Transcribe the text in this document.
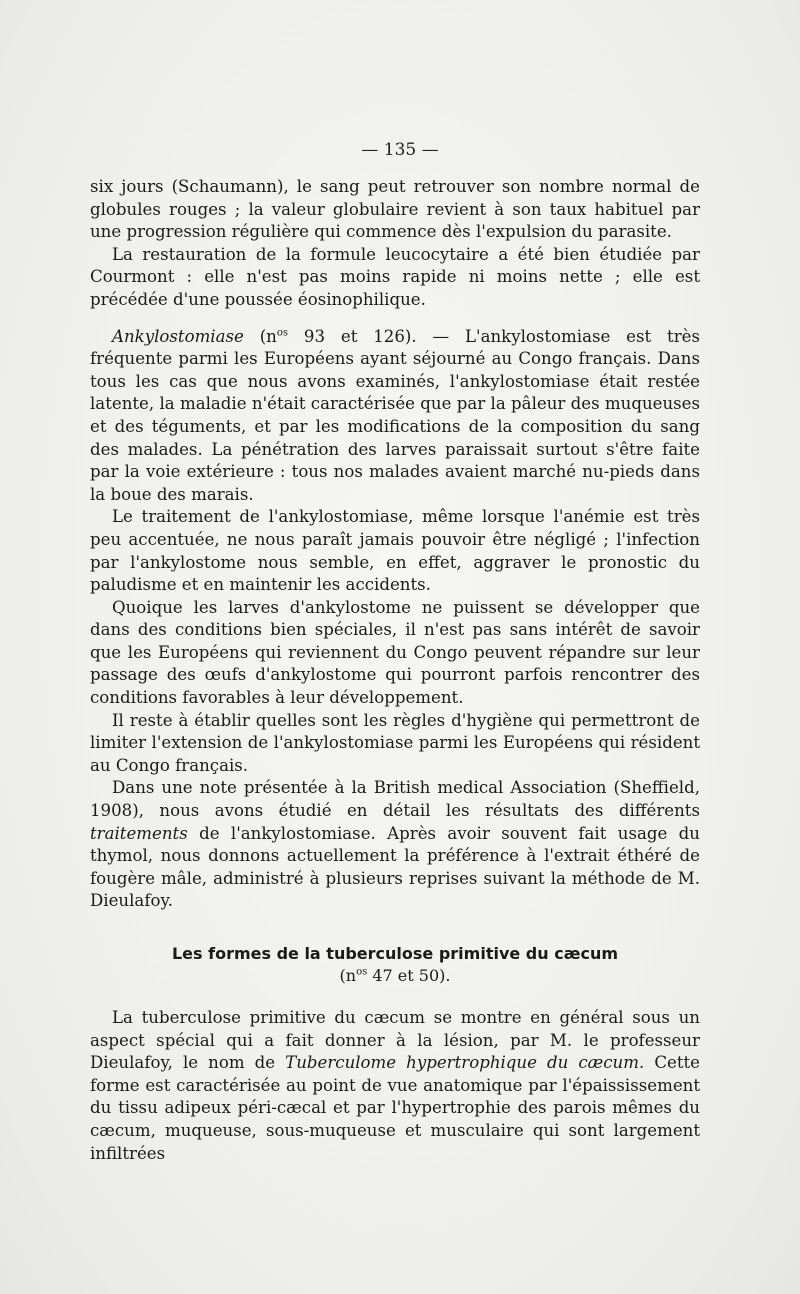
— 135 —

six jours (Schaumann), le sang peut retrouver son nombre normal de globules rouges ; la valeur globulaire revient à son taux habituel par une progression régulière qui commence dès l'expulsion du parasite.

La restauration de la formule leucocytaire a été bien étudiée par Courmont : elle n'est pas moins rapide ni moins nette ; elle est précédée d'une poussée éosinophilique.

Ankylostomiase ($n^{os}$ 93 et 126). — L'ankylostomiase est très fréquente parmi les Européens ayant séjourné au Congo français. Dans tous les cas que nous avons examinés, l'ankylostomiase était restée latente, la maladie n'était caractérisée que par la pâleur des muqueuses et des téguments, et par les modifications de la composition du sang des malades. La pénétration des larves paraissait surtout s'être faite par la voie extérieure : tous nos malades avaient marché nu-pieds dans la boue des marais.

Le traitement de l'ankylostomiase, même lorsque l'anémie est très peu accentuée, ne nous paraît jamais pouvoir être négligé ; l'infection par l'ankylostome nous semble, en effet, aggraver le pronostic du paludisme et en maintenir les accidents.

Quoique les larves d'ankylostome ne puissent se développer que dans des conditions bien spéciales, il n'est pas sans intérêt de savoir que les Européens qui reviennent du Congo peuvent répandre sur leur passage des œufs d'ankylostome qui pourront parfois rencontrer des conditions favorables à leur développement.

Il reste à établir quelles sont les règles d'hygiène qui permettront de limiter l'extension de l'ankylostomiase parmi les Européens qui résident au Congo français.

Dans une note présentée à la British medical Association (Sheffield, 1908), nous avons étudié en détail les résultats des différents traitements de l'ankylostomiase. Après avoir souvent fait usage du thymol, nous donnons actuellement la préférence à l'extrait éthéré de fougère mâle, administré à plusieurs reprises suivant la méthode de M. Dieulafoy.

Les formes de la tuberculose primitive du cæcum
($n^{os}$ 47 et 50).

La tuberculose primitive du cæcum se montre en général sous un aspect spécial qui a fait donner à la lésion, par M. le professeur Dieulafoy, le nom de Tuberculome hypertrophique du cæcum. Cette forme est caractérisée au point de vue anatomique par l'épaississement du tissu adipeux péri-cæcal et par l'hypertrophie des parois mêmes du cæcum, muqueuse, sous-muqueuse et musculaire qui sont largement infiltrées
